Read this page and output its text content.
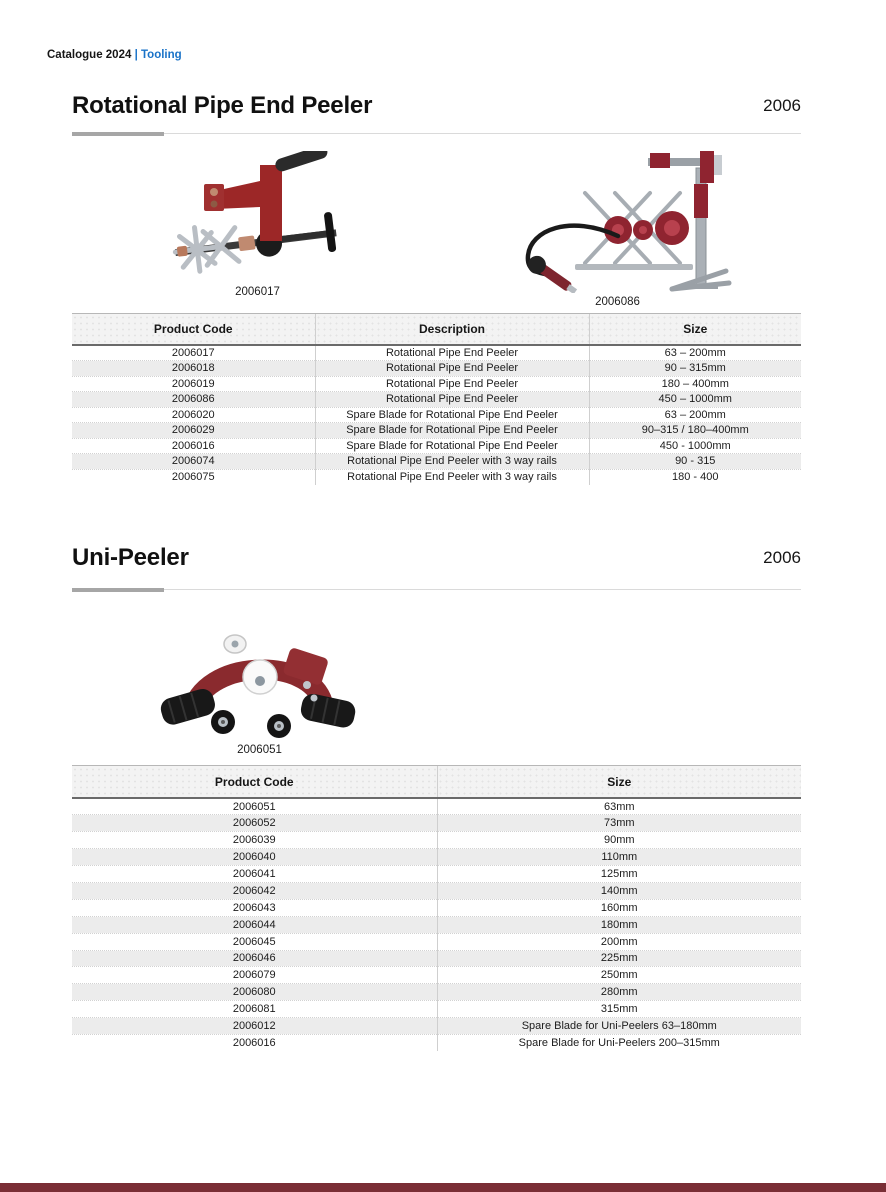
Catalogue 2024 | Tooling
Rotational Pipe End Peeler	2006
2006017
2006086
Product Code	Description	Size
2006017	Rotational Pipe End Peeler	63 – 200mm
2006018	Rotational Pipe End Peeler	90 – 315mm
2006019	Rotational Pipe End Peeler	180 – 400mm
2006086	Rotational Pipe End Peeler	450 – 1000mm
2006020	Spare Blade for Rotational Pipe End Peeler	63 – 200mm
2006029	Spare Blade for Rotational Pipe End Peeler	90–315 / 180–400mm
2006016	Spare Blade for Rotational Pipe End Peeler	450 - 1000mm
2006074	Rotational Pipe End Peeler with 3 way rails	90 - 315
2006075	Rotational Pipe End Peeler with 3 way rails	180 - 400
Uni-Peeler	2006
2006051
Product Code	Size
2006051	63mm
2006052	73mm
2006039	90mm
2006040	110mm
2006041	125mm
2006042	140mm
2006043	160mm
2006044	180mm
2006045	200mm
2006046	225mm
2006079	250mm
2006080	280mm
2006081	315mm
2006012	Spare Blade for Uni-Peelers 63–180mm
2006016	Spare Blade for Uni-Peelers 200–315mm
